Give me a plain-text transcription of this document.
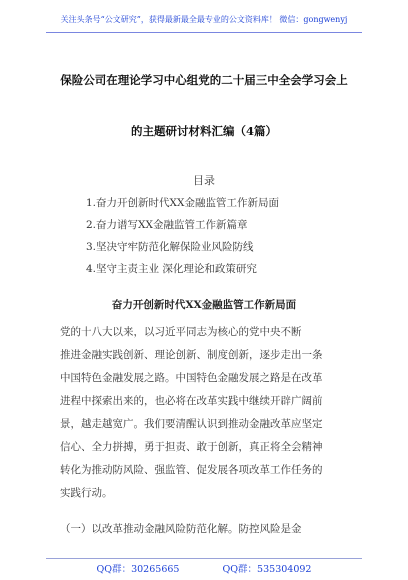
关注头条号“公文研究”，获得最新最全最专业的公文资料库！ 微信：gongwenyj
保险公司在理论学习中心组党的二十届三中全会学习会上
的主题研讨材料汇编（4篇）
目录
1.奋力开创新时代XX金融监管工作新局面
2.奋力谱写XX金融监管工作新篇章
3.坚决守牢防范化解保险业风险防线
4.坚守主责主业 深化理论和政策研究
奋力开创新时代XX金融监管工作新局面
党的十八大以来，以习近平同志为核心的党中央不断
推进金融实践创新、理论创新、制度创新，逐步走出一条
中国特色金融发展之路。中国特色金融发展之路是在改革
进程中探索出来的，也必将在改革实践中继续开辟广阔前
景，越走越宽广。我们要清醒认识到推动金融改革应坚定
信心、全力拼搏，勇于担责、敢于创新，真正将全会精神
转化为推动防风险、强监管、促发展各项改革工作任务的
实践行动。
（一）以改革推动金融风险防范化解。防控风险是金
QQ群：30265665	QQ群：535304092
